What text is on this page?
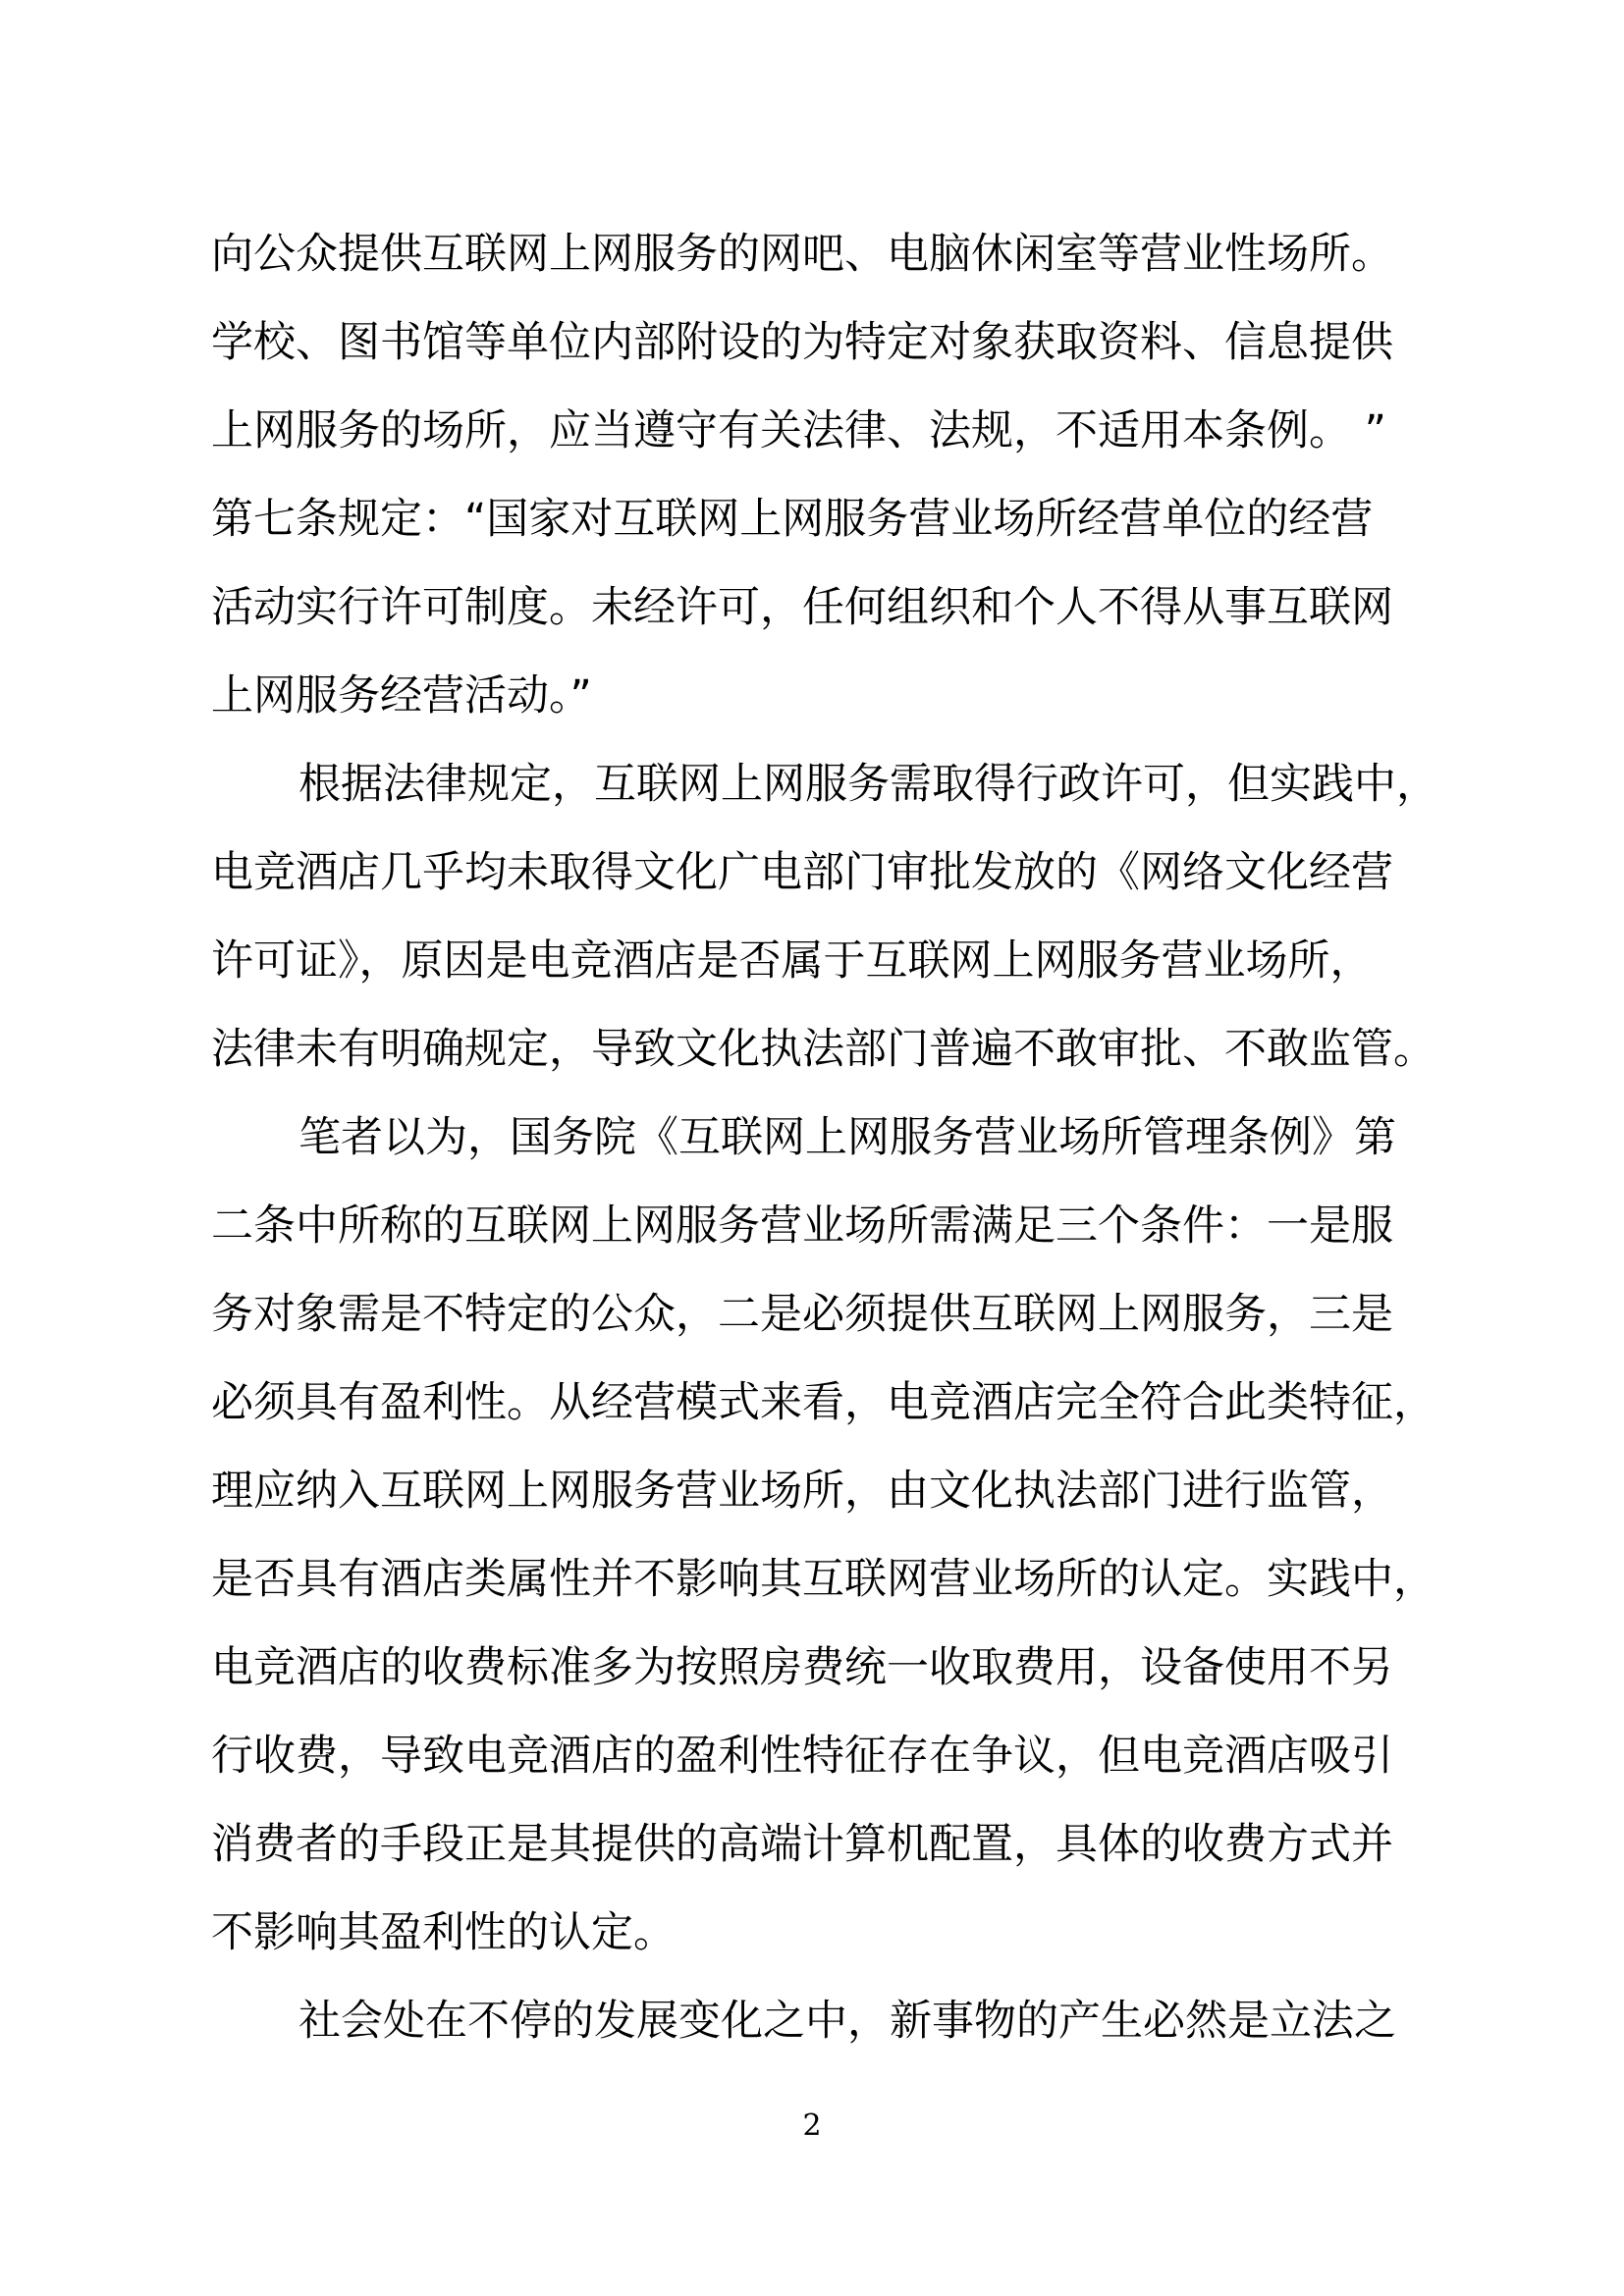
向公众提供互联网上网服务的网吧、电脑休闲室等营业性场所。
学校、图书馆等单位内部附设的为特定对象获取资料、信息提供
上网服务的场所，应当遵守有关法律、法规，不适用本条例。 ”
第七条规定：“国家对互联网上网服务营业场所经营单位的经营
活动实行许可制度。未经许可，任何组织和个人不得从事互联网
上网服务经营活动。”
根据法律规定，互联网上网服务需取得行政许可，但实践中，
电竞酒店几乎均未取得文化广电部门审批发放的《网络文化经营
许可证》，原因是电竞酒店是否属于互联网上网服务营业场所，
法律未有明确规定，导致文化执法部门普遍不敢审批、不敢监管。
笔者以为，国务院《互联网上网服务营业场所管理条例》第
二条中所称的互联网上网服务营业场所需满足三个条件：一是服
务对象需是不特定的公众，二是必须提供互联网上网服务，三是
必须具有盈利性。从经营模式来看，电竞酒店完全符合此类特征，
理应纳入互联网上网服务营业场所，由文化执法部门进行监管，
是否具有酒店类属性并不影响其互联网营业场所的认定。实践中，
电竞酒店的收费标准多为按照房费统一收取费用，设备使用不另
行收费，导致电竞酒店的盈利性特征存在争议，但电竞酒店吸引
消费者的手段正是其提供的高端计算机配置，具体的收费方式并
不影响其盈利性的认定。
社会处在不停的发展变化之中，新事物的产生必然是立法之
2
